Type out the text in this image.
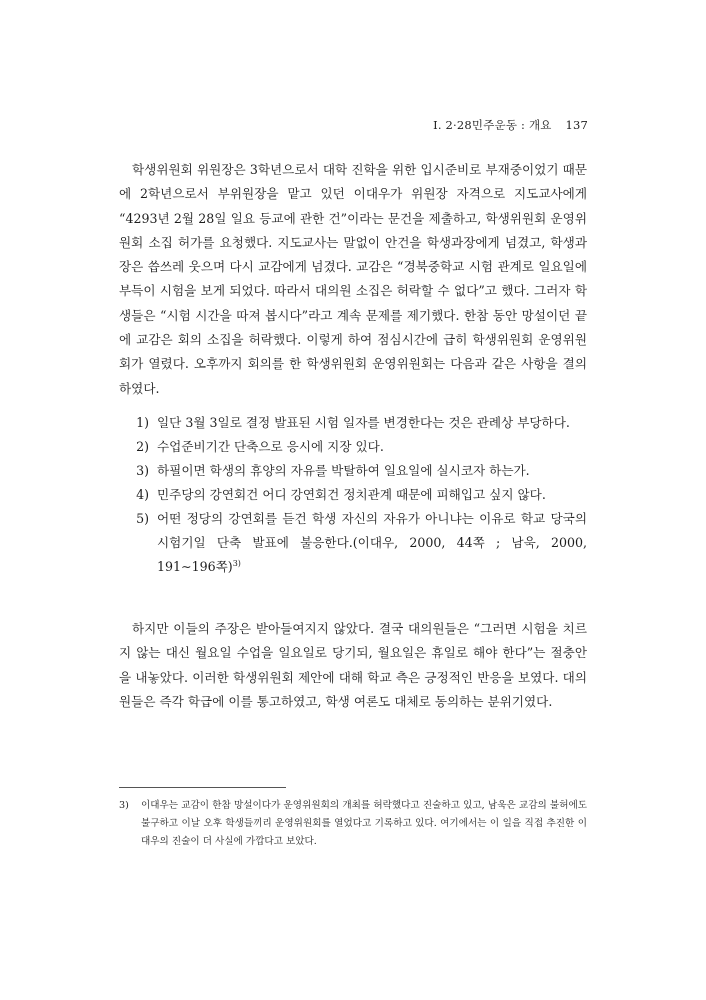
Ⅰ. 2·28민주운동 : 개요 137

학생위원회 위원장은 3학년으로서 대학 진학을 위한 입시준비로 부재중이었기 때문에 2학년으로서 부위원장을 맡고 있던 이대우가 위원장 자격으로 지도교사에게 “4293년 2월 28일 일요 등교에 관한 건”이라는 문건을 제출하고, 학생위원회 운영위원회 소집 허가를 요청했다. 지도교사는 말없이 안건을 학생과장에게 넘겼고, 학생과장은 씁쓰레 웃으며 다시 교감에게 넘겼다. 교감은 “경북중학교 시험 관계로 일요일에 부득이 시험을 보게 되었다. 따라서 대의원 소집은 허락할 수 없다”고 했다. 그러자 학생들은 “시험 시간을 따져 봅시다”라고 계속 문제를 제기했다. 한참 동안 망설이던 끝에 교감은 회의 소집을 허락했다. 이렇게 하여 점심시간에 급히 학생위원회 운영위원회가 열렸다. 오후까지 회의를 한 학생위원회 운영위원회는 다음과 같은 사항을 결의하였다.

1) 일단 3월 3일로 결정 발표된 시험 일자를 변경한다는 것은 관례상 부당하다.
2) 수업준비기간 단축으로 응시에 지장 있다.
3) 하필이면 학생의 휴양의 자유를 박탈하여 일요일에 실시코자 하는가.
4) 민주당의 강연회건 어디 강연회건 정치관계 때문에 피해입고 싶지 않다.
5) 어떤 정당의 강연회를 듣건 학생 자신의 자유가 아니냐는 이유로 학교 당국의 시험기일 단축 발표에 불응한다.(이대우, 2000, 44쪽 ; 남욱, 2000, 191∼196쪽)$^{3)}$

하지만 이들의 주장은 받아들여지지 않았다. 결국 대의원들은 “그러면 시험을 치르지 않는 대신 월요일 수업을 일요일로 당기되, 월요일은 휴일로 해야 한다”는 절충안을 내놓았다. 이러한 학생위원회 제안에 대해 학교 측은 긍정적인 반응을 보였다. 대의원들은 즉각 학급에 이를 통고하였고, 학생 여론도 대체로 동의하는 분위기였다.

3)	이대우는 교감이 한참 망설이다가 운영위원회의 개최를 허락했다고 진술하고 있고, 남욱은 교감의 불허에도 불구하고 이날 오후 학생들끼리 운영위원회를 열었다고 기록하고 있다. 여기에서는 이 일을 직접 추진한 이대우의 진술이 더 사실에 가깝다고 보았다.
